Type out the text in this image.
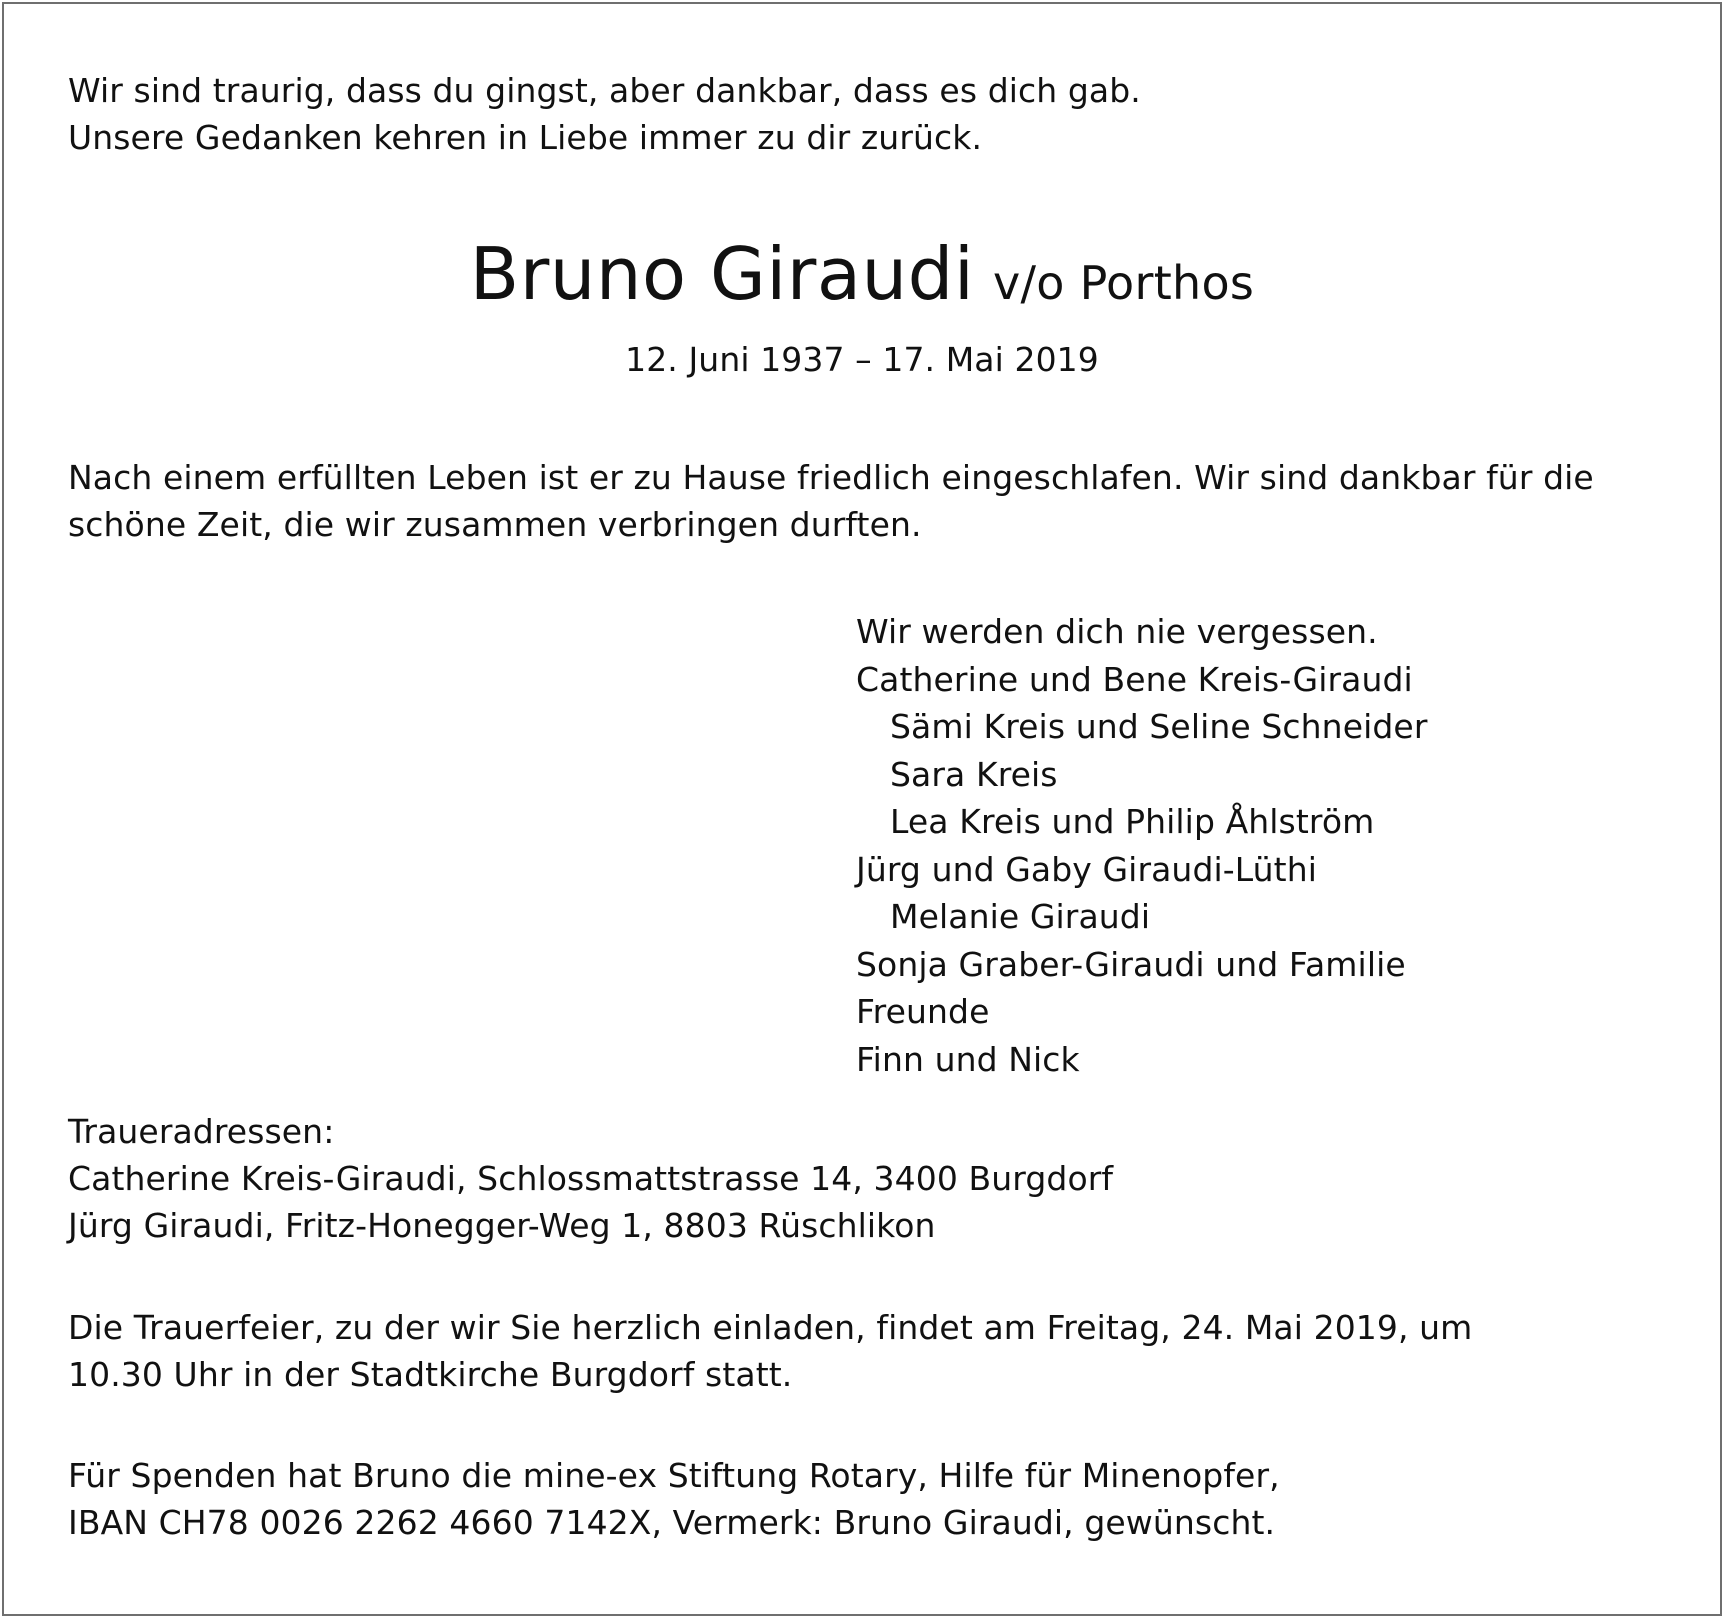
Wir sind traurig, dass du gingst, aber dankbar, dass es dich gab.
Unsere Gedanken kehren in Liebe immer zu dir zurück.

Bruno Giraudi v/o Porthos
12. Juni 1937 – 17. Mai 2019

Nach einem erfüllten Leben ist er zu Hause friedlich eingeschlafen. Wir sind dankbar für die
schöne Zeit, die wir zusammen verbringen durften.

Wir werden dich nie vergessen.
Catherine und Bene Kreis-Giraudi
Sämi Kreis und Seline Schneider
Sara Kreis
Lea Kreis und Philip Åhlström
Jürg und Gaby Giraudi-Lüthi
Melanie Giraudi
Sonja Graber-Giraudi und Familie
Freunde
Finn und Nick

Traueradressen:
Catherine Kreis-Giraudi, Schlossmattstrasse 14, 3400 Burgdorf
Jürg Giraudi, Fritz-Honegger-Weg 1, 8803 Rüschlikon

Die Trauerfeier, zu der wir Sie herzlich einladen, findet am Freitag, 24. Mai 2019, um
10.30 Uhr in der Stadtkirche Burgdorf statt.

Für Spenden hat Bruno die mine-ex Stiftung Rotary, Hilfe für Minenopfer,
IBAN CH78 0026 2262 4660 7142X, Vermerk: Bruno Giraudi, gewünscht.
